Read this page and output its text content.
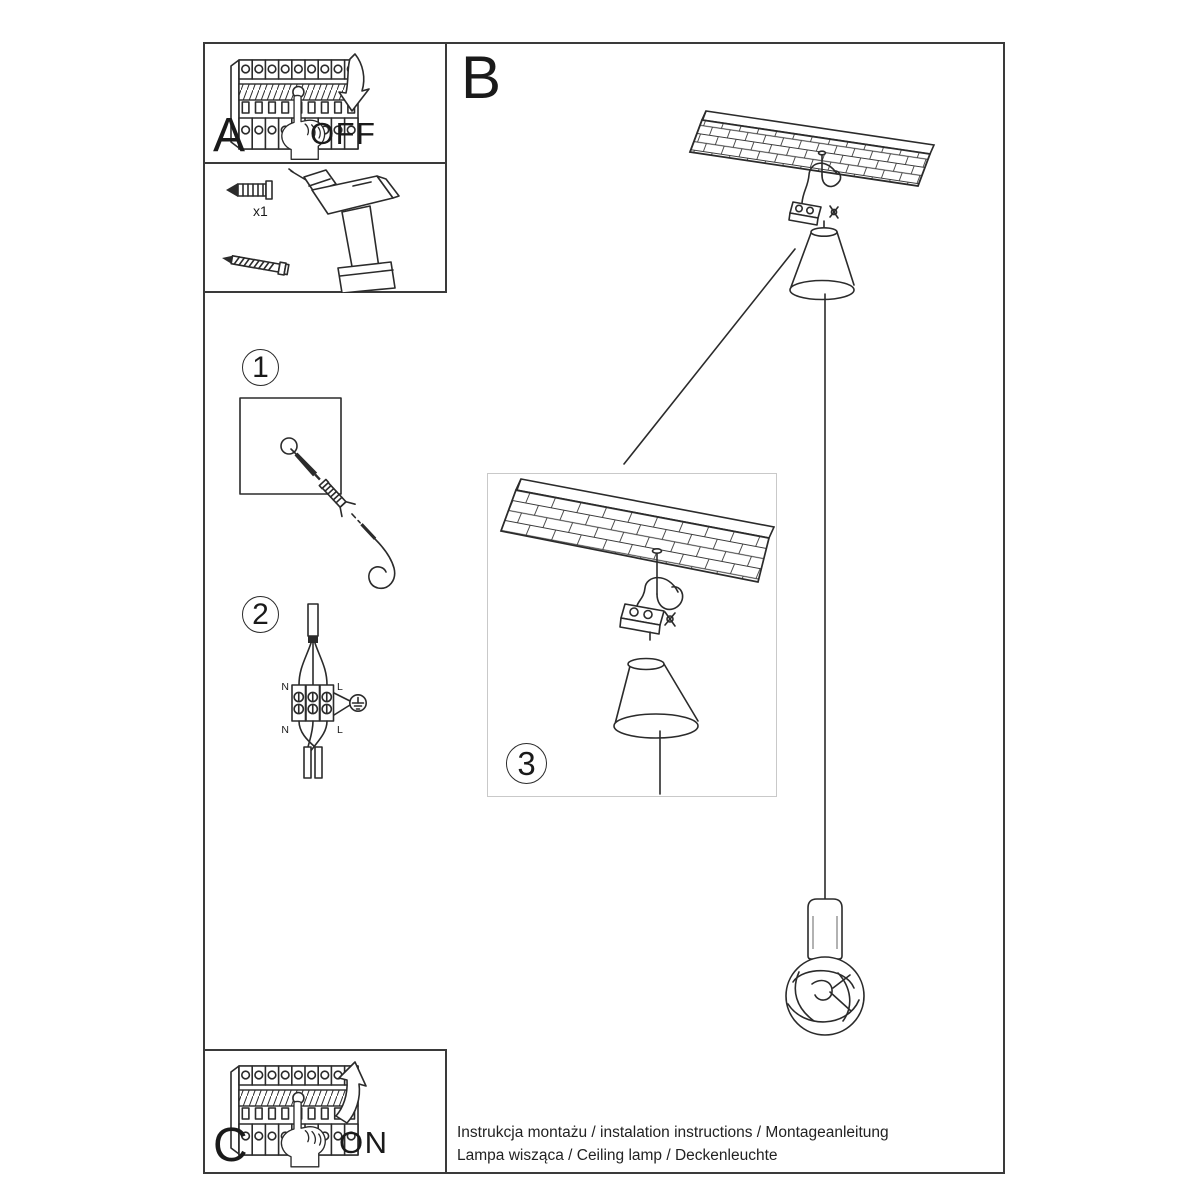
OFF
A
x1
ON
C
B
1
2
N	L
N	L
3
Instrukcja montażu / instalation instructions / Montageanleitung
Lampa wisząca / Ceiling lamp / Deckenleuchte
